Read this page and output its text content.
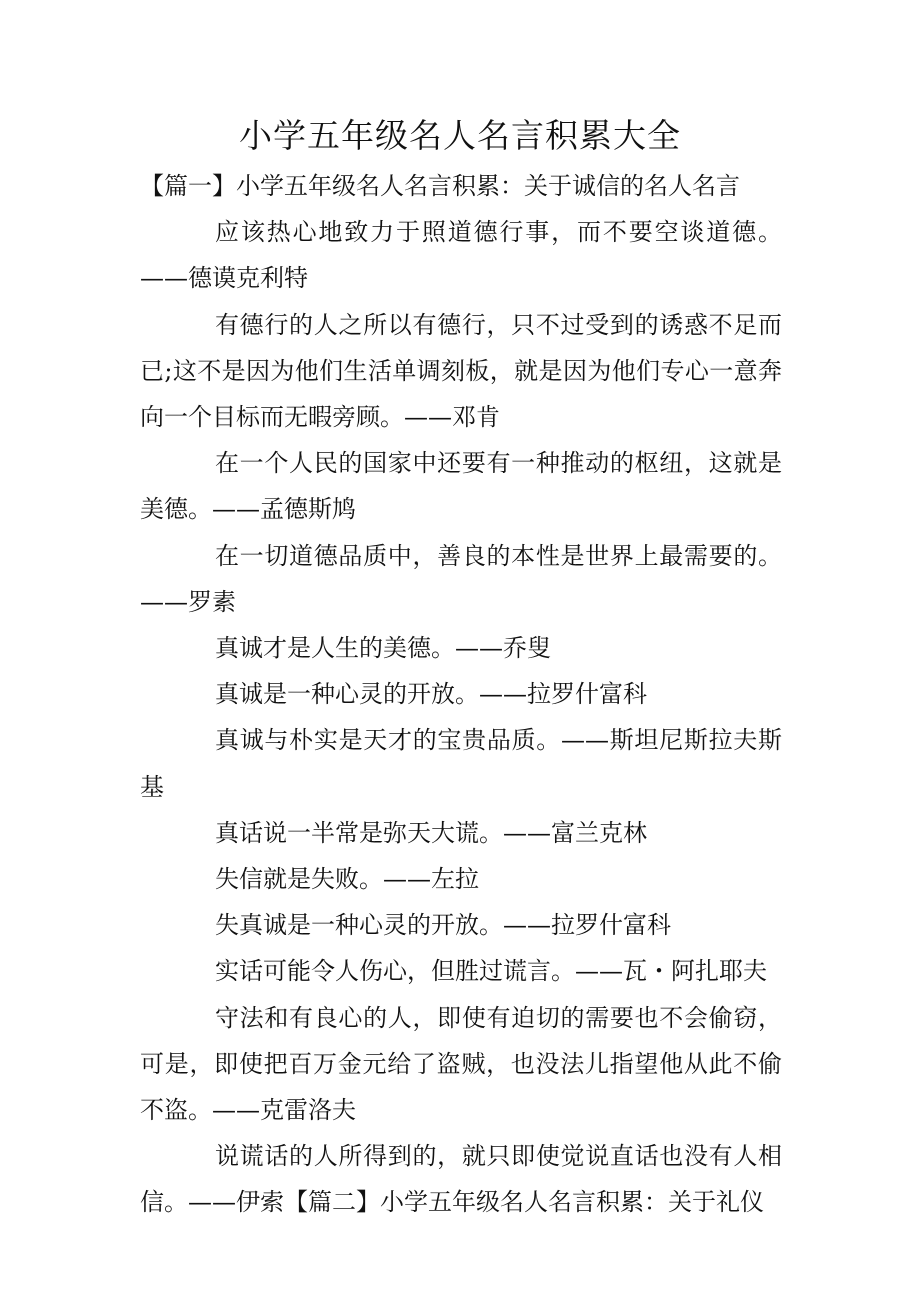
小学五年级名人名言积累大全

【篇一】小学五年级名人名言积累：关于诚信的名人名言

应该热心地致力于照道德行事，而不要空谈道德。——德谟克利特

有德行的人之所以有德行，只不过受到的诱惑不足而已;这不是因为他们生活单调刻板，就是因为他们专心一意奔向一个目标而无暇旁顾。——邓肯

在一个人民的国家中还要有一种推动的枢纽，这就是美德。——孟德斯鸠

在一切道德品质中，善良的本性是世界上最需要的。——罗素

真诚才是人生的美德。——乔叟

真诚是一种心灵的开放。——拉罗什富科

真诚与朴实是天才的宝贵品质。——斯坦尼斯拉夫斯基

真话说一半常是弥天大谎。——富兰克林

失信就是失败。——左拉

失真诚是一种心灵的开放。——拉罗什富科

实话可能令人伤心，但胜过谎言。——瓦・阿扎耶夫

守法和有良心的人，即使有迫切的需要也不会偷窃，可是，即使把百万金元给了盗贼，也没法儿指望他从此不偷不盗。——克雷洛夫

说谎话的人所得到的，就只即使觉说直话也没有人相信。——伊索【篇二】小学五年级名人名言积累：关于礼仪
